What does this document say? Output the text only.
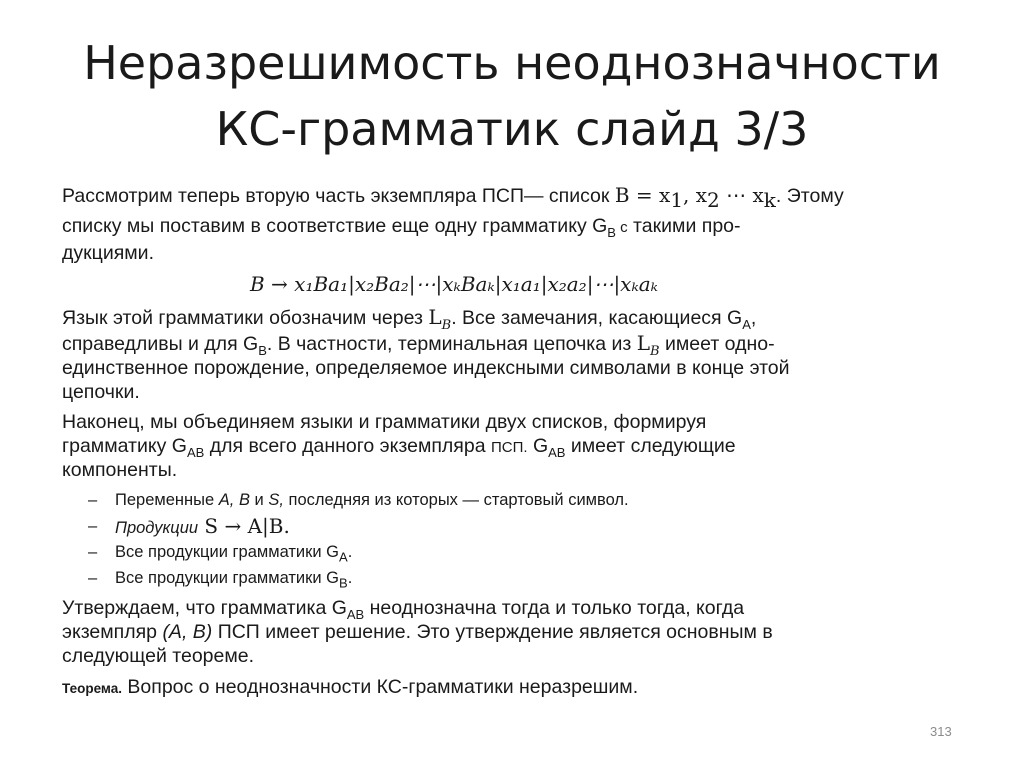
Неразрешимость неоднозначности
КС-грамматик слайд 3/3
Рассмотрим теперь вторую часть экземпляра ПСП— список $B = x_1$, $x_2$ ⋯ $x_k$. Этому
списку мы поставим в соответствие еще одну грамматику $G_B$ с такими про-
дукциями.
B → x₁Ba₁|x₂Ba₂|⋯|xₖBaₖ|x₁a₁|x₂a₂|⋯|xₖaₖ
Язык этой грамматики обозначим через $L_B$. Все замечания, касающиеся $G_A$,
справедливы и для $G_B$. В частности, терминальная цепочка из $L_B$ имеет одно-
единственное порождение, определяемое индексными символами в конце этой
цепочки.
Наконец, мы объединяем языки и грамматики двух списков, формируя
грамматику $G_{AB}$ для всего данного экземпляра ПСП. $G_{AB}$ имеет следующие
компоненты.
– Переменные A, B и S, последняя из которых — стартовый символ.
– Продукции S → A|B.
– Все продукции грамматики $G_A$.
– Все продукции грамматики $G_B$.
Утверждаем, что грамматика $G_{AB}$ неоднозначна тогда и только тогда, когда
экземпляр (A, B) ПСП имеет решение. Это утверждение является основным в
следующей теореме.
Теорема. Вопрос о неоднозначности КС-грамматики неразрешим.
313
